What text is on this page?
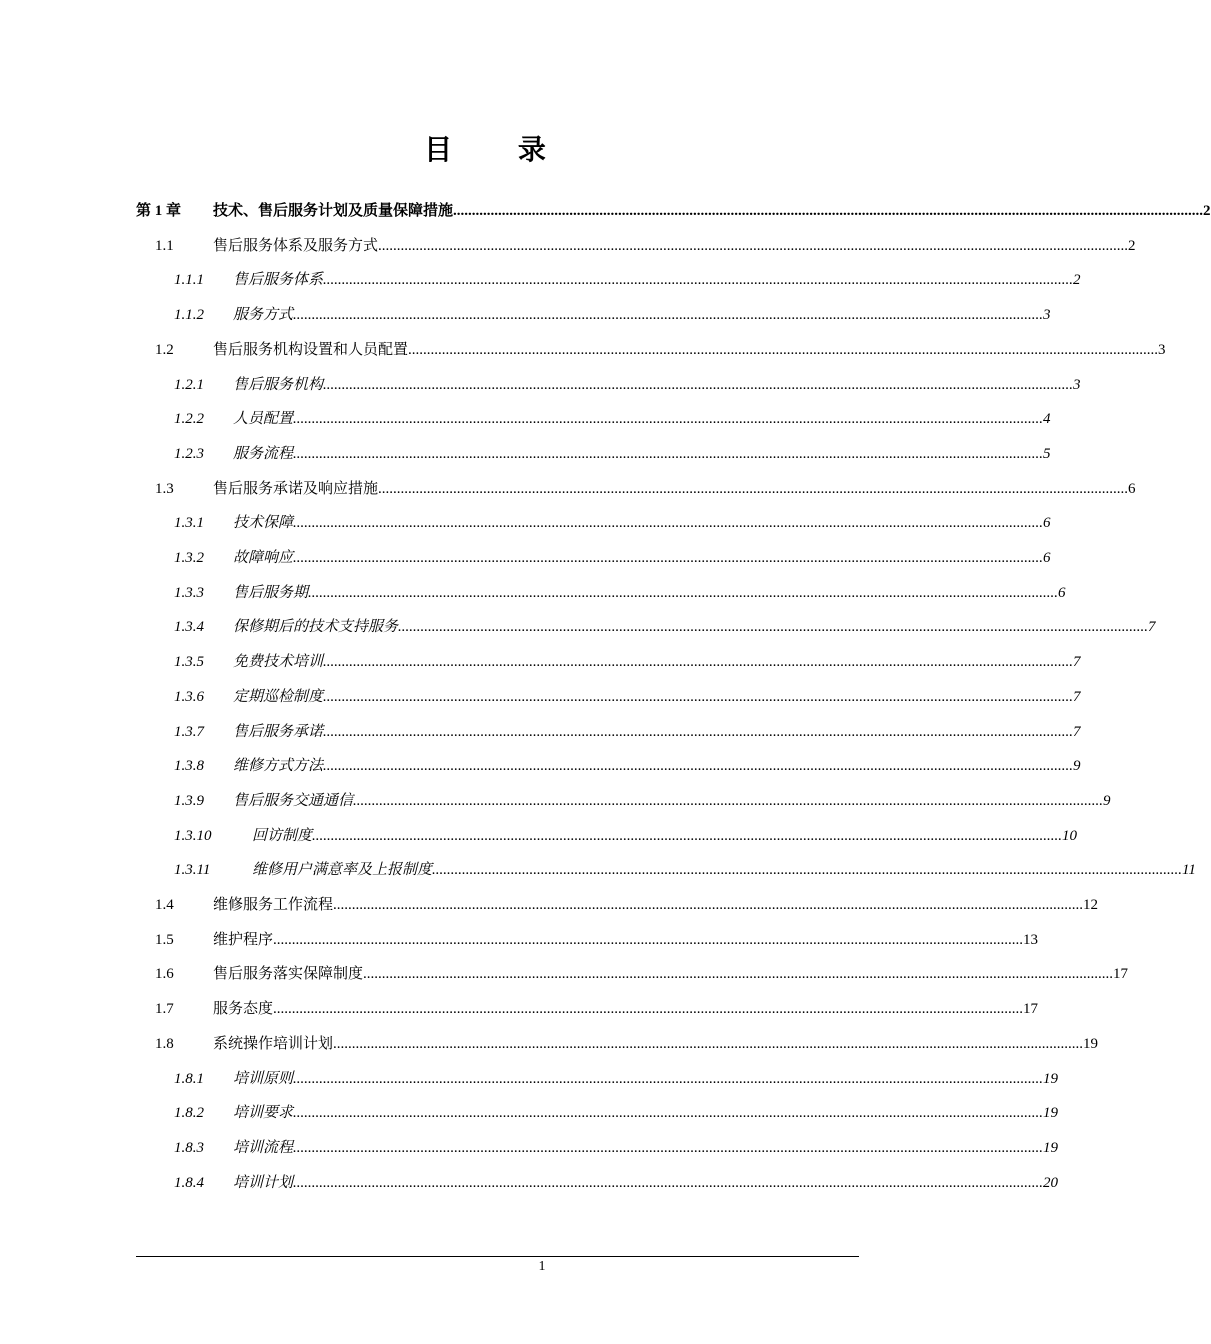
目 录
第 1 章 技术、售后服务计划及质量保障措施 ........................................................................................................................................................................................................ 2
1.1	售后服务体系及服务方式 ........................................................................................................................................................................................................ 2
1.1.1 售后服务体系 ........................................................................................................................................................................................................ 2
1.1.2 服务方式 ........................................................................................................................................................................................................ 3
1.2	售后服务机构设置和人员配置 ........................................................................................................................................................................................................ 3
1.2.1 售后服务机构 ........................................................................................................................................................................................................ 3
1.2.2 人员配置 ........................................................................................................................................................................................................ 4
1.2.3 服务流程 ........................................................................................................................................................................................................ 5
1.3	售后服务承诺及响应措施 ........................................................................................................................................................................................................ 6
1.3.1 技术保障 ........................................................................................................................................................................................................ 6
1.3.2 故障响应 ........................................................................................................................................................................................................ 6
1.3.3 售后服务期 ........................................................................................................................................................................................................ 6
1.3.4 保修期后的技术支持服务 ........................................................................................................................................................................................................ 7
1.3.5 免费技术培训 ........................................................................................................................................................................................................ 7
1.3.6 定期巡检制度 ........................................................................................................................................................................................................ 7
1.3.7 售后服务承诺 ........................................................................................................................................................................................................ 7
1.3.8 维修方式方法 ........................................................................................................................................................................................................ 9
1.3.9 售后服务交通通信 ........................................................................................................................................................................................................ 9
1.3.10	回访制度 ........................................................................................................................................................................................................ 10
1.3.11	维修用户满意率及上报制度 ........................................................................................................................................................................................................ 11
1.4	维修服务工作流程 ........................................................................................................................................................................................................ 12
1.5	维护程序 ........................................................................................................................................................................................................ 13
1.6	售后服务落实保障制度 ........................................................................................................................................................................................................ 17
1.7	服务态度 ........................................................................................................................................................................................................ 17
1.8	系统操作培训计划 ........................................................................................................................................................................................................ 19
1.8.1 培训原则 ........................................................................................................................................................................................................ 19
1.8.2 培训要求 ........................................................................................................................................................................................................ 19
1.8.3 培训流程 ........................................................................................................................................................................................................ 19
1.8.4 培训计划 ........................................................................................................................................................................................................ 20
1
